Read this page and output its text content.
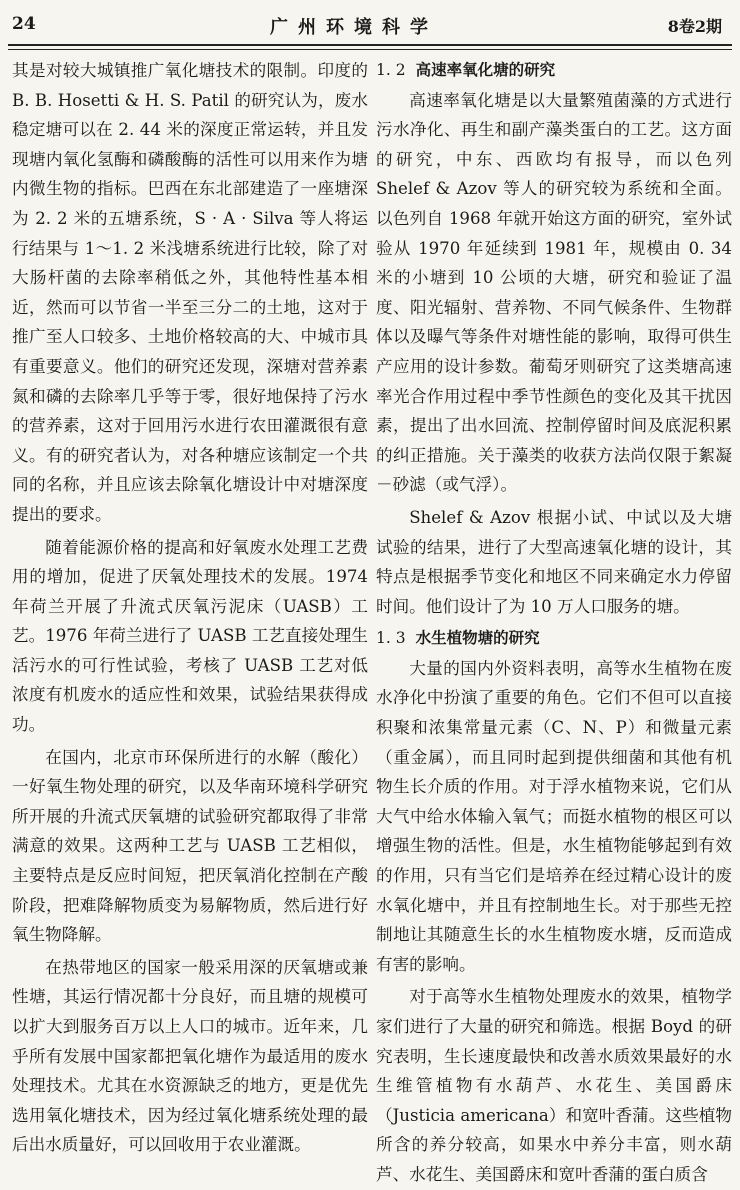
24	广州环境科学	8卷2期

其是对较大城镇推广氧化塘技术的限制。印度的 B. B. Hosetti & H. S. Patil 的研究认为，废水稳定塘可以在 2. 44 米的深度正常运转，并且发现塘内氧化氢酶和磷酸酶的活性可以用来作为塘内微生物的指标。巴西在东北部建造了一座塘深为 2. 2 米的五塘系统，S · A · Silva 等人将运行结果与 1～1. 2 米浅塘系统进行比较，除了对大肠杆菌的去除率稍低之外，其他特性基本相近，然而可以节省一半至三分二的土地，这对于推广至人口较多、土地价格较高的大、中城市具有重要意义。他们的研究还发现，深塘对营养素氮和磷的去除率几乎等于零，很好地保持了污水的营养素，这对于回用污水进行农田灌溉很有意义。有的研究者认为，对各种塘应该制定一个共同的名称，并且应该去除氧化塘设计中对塘深度提出的要求。

随着能源价格的提高和好氧废水处理工艺费用的增加，促进了厌氧处理技术的发展。1974 年荷兰开展了升流式厌氧污泥床（UASB）工艺。1976 年荷兰进行了 UASB 工艺直接处理生活污水的可行性试验，考核了 UASB 工艺对低浓度有机废水的适应性和效果，试验结果获得成功。

在国内，北京市环保所进行的水解（酸化）一好氧生物处理的研究，以及华南环境科学研究所开展的升流式厌氧塘的试验研究都取得了非常满意的效果。这两种工艺与 UASB 工艺相似，主要特点是反应时间短，把厌氧消化控制在产酸阶段，把难降解物质变为易解物质，然后进行好氧生物降解。

在热带地区的国家一般采用深的厌氧塘或兼性塘，其运行情况都十分良好，而且塘的规模可以扩大到服务百万以上人口的城市。近年来，几乎所有发展中国家都把氧化塘作为最适用的废水处理技术。尤其在水资源缺乏的地方，更是优先选用氧化塘技术，因为经过氧化塘系统处理的最后出水质量好，可以回收用于农业灌溉。

1. 2 高速率氧化塘的研究

高速率氧化塘是以大量繁殖菌藻的方式进行污水净化、再生和副产藻类蛋白的工艺。这方面的研究，中东、西欧均有报导，而以色列 Shelef & Azov 等人的研究较为系统和全面。以色列自 1968 年就开始这方面的研究，室外试验从 1970 年延续到 1981 年，规模由 0. 34 米的小塘到 10 公顷的大塘，研究和验证了温度、阳光辐射、营养物、不同气候条件、生物群体以及曝气等条件对塘性能的影响，取得可供生产应用的设计参数。葡萄牙则研究了这类塘高速率光合作用过程中季节性颜色的变化及其干扰因素，提出了出水回流、控制停留时间及底泥积累的纠正措施。关于藻类的收获方法尚仅限于絮凝－砂滤（或气浮）。

Shelef & Azov 根据小试、中试以及大塘试验的结果，进行了大型高速氧化塘的设计，其特点是根据季节变化和地区不同来确定水力停留时间。他们设计了为 10 万人口服务的塘。

1. 3 水生植物塘的研究

大量的国内外资料表明，高等水生植物在废水净化中扮演了重要的角色。它们不但可以直接积聚和浓集常量元素（C、N、P）和微量元素（重金属），而且同时起到提供细菌和其他有机物生长介质的作用。对于浮水植物来说，它们从大气中给水体输入氧气；而挺水植物的根区可以增强生物的活性。但是，水生植物能够起到有效的作用，只有当它们是培养在经过精心设计的废水氧化塘中，并且有控制地生长。对于那些无控制地让其随意生长的水生植物废水塘，反而造成有害的影响。

对于高等水生植物处理废水的效果，植物学家们进行了大量的研究和筛选。根据 Boyd 的研究表明，生长速度最快和改善水质效果最好的水生维管植物有水葫芦、水花生、美国爵床（Justicia americana）和宽叶香蒲。这些植物所含的养分较高，如果水中养分丰富，则水葫芦、水花生、美国爵床和宽叶香蒲的蛋白质含
